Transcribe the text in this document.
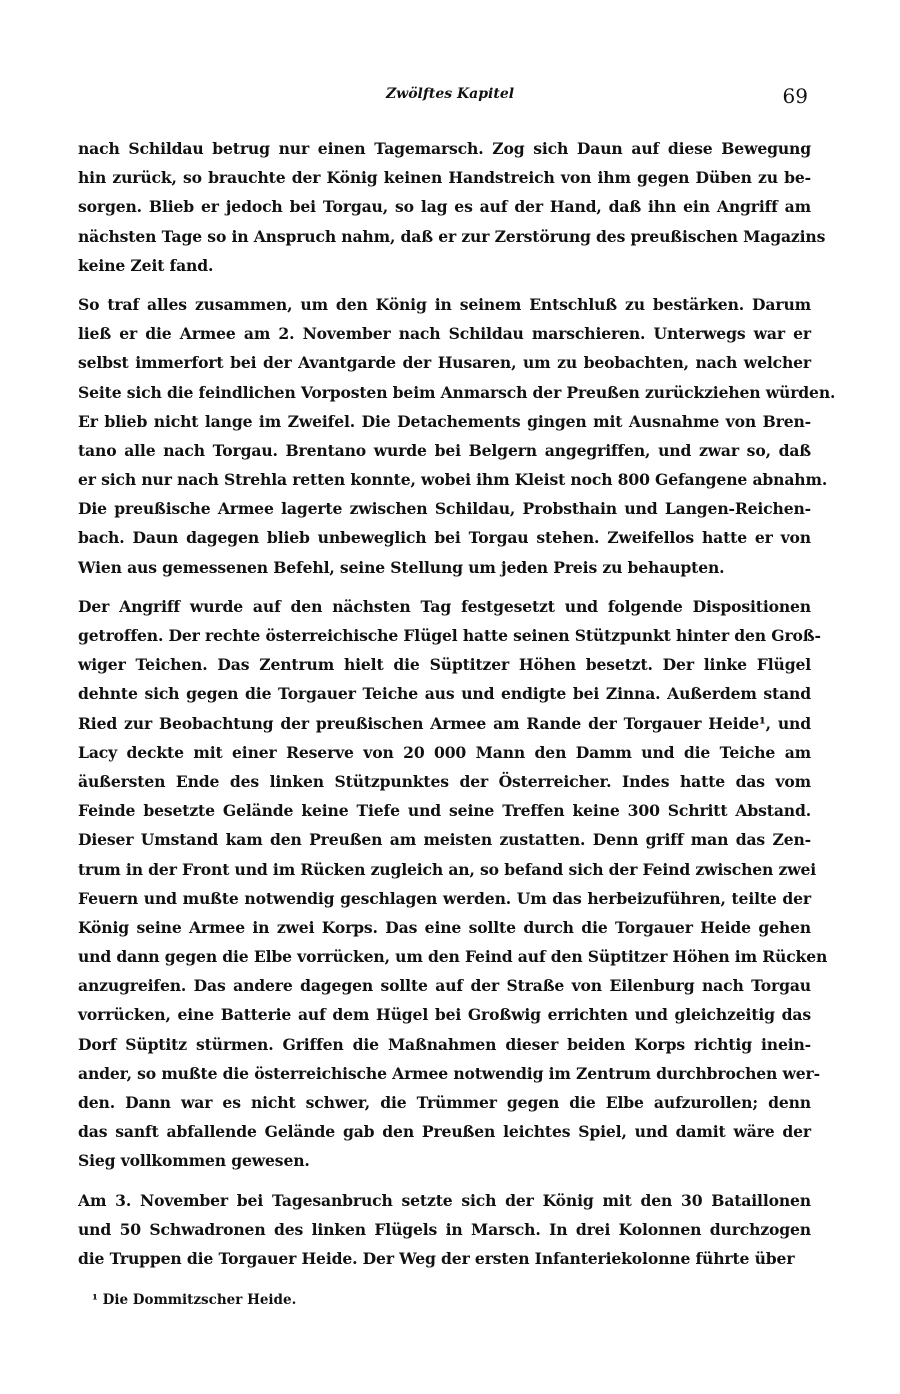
Zwölftes Kapitel	69
nach Schildau betrug nur einen Tagemarsch. Zog sich Daun auf diese Bewegung
hin zurück, so brauchte der König keinen Handstreich von ihm gegen Düben zu be-
sorgen. Blieb er jedoch bei Torgau, so lag es auf der Hand, daß ihn ein Angriff am
nächsten Tage so in Anspruch nahm, daß er zur Zerstörung des preußischen Magazins
keine Zeit fand.
So traf alles zusammen, um den König in seinem Entschluß zu bestärken. Darum
ließ er die Armee am 2. November nach Schildau marschieren. Unterwegs war er
selbst immerfort bei der Avantgarde der Husaren, um zu beobachten, nach welcher
Seite sich die feindlichen Vorposten beim Anmarsch der Preußen zurückziehen würden.
Er blieb nicht lange im Zweifel. Die Detachements gingen mit Ausnahme von Bren-
tano alle nach Torgau. Brentano wurde bei Belgern angegriffen, und zwar so, daß
er sich nur nach Strehla retten konnte, wobei ihm Kleist noch 800 Gefangene abnahm.
Die preußische Armee lagerte zwischen Schildau, Probsthain und Langen-Reichen-
bach. Daun dagegen blieb unbeweglich bei Torgau stehen. Zweifellos hatte er von
Wien aus gemessenen Befehl, seine Stellung um jeden Preis zu behaupten.
Der Angriff wurde auf den nächsten Tag festgesetzt und folgende Dispositionen
getroffen. Der rechte österreichische Flügel hatte seinen Stützpunkt hinter den Groß-
wiger Teichen. Das Zentrum hielt die Süptitzer Höhen besetzt. Der linke Flügel
dehnte sich gegen die Torgauer Teiche aus und endigte bei Zinna. Außerdem stand
Ried zur Beobachtung der preußischen Armee am Rande der Torgauer Heide¹, und
Lacy deckte mit einer Reserve von 20 000 Mann den Damm und die Teiche am
äußersten Ende des linken Stützpunktes der Österreicher. Indes hatte das vom
Feinde besetzte Gelände keine Tiefe und seine Treffen keine 300 Schritt Abstand.
Dieser Umstand kam den Preußen am meisten zustatten. Denn griff man das Zen-
trum in der Front und im Rücken zugleich an, so befand sich der Feind zwischen zwei
Feuern und mußte notwendig geschlagen werden. Um das herbeizuführen, teilte der
König seine Armee in zwei Korps. Das eine sollte durch die Torgauer Heide gehen
und dann gegen die Elbe vorrücken, um den Feind auf den Süptitzer Höhen im Rücken
anzugreifen. Das andere dagegen sollte auf der Straße von Eilenburg nach Torgau
vorrücken, eine Batterie auf dem Hügel bei Großwig errichten und gleichzeitig das
Dorf Süptitz stürmen. Griffen die Maßnahmen dieser beiden Korps richtig inein-
ander, so mußte die österreichische Armee notwendig im Zentrum durchbrochen wer-
den. Dann war es nicht schwer, die Trümmer gegen die Elbe aufzurollen; denn
das sanft abfallende Gelände gab den Preußen leichtes Spiel, und damit wäre der
Sieg vollkommen gewesen.
Am 3. November bei Tagesanbruch setzte sich der König mit den 30 Bataillonen
und 50 Schwadronen des linken Flügels in Marsch. In drei Kolonnen durchzogen
die Truppen die Torgauer Heide. Der Weg der ersten Infanteriekolonne führte über
¹ Die Dommitzscher Heide.
